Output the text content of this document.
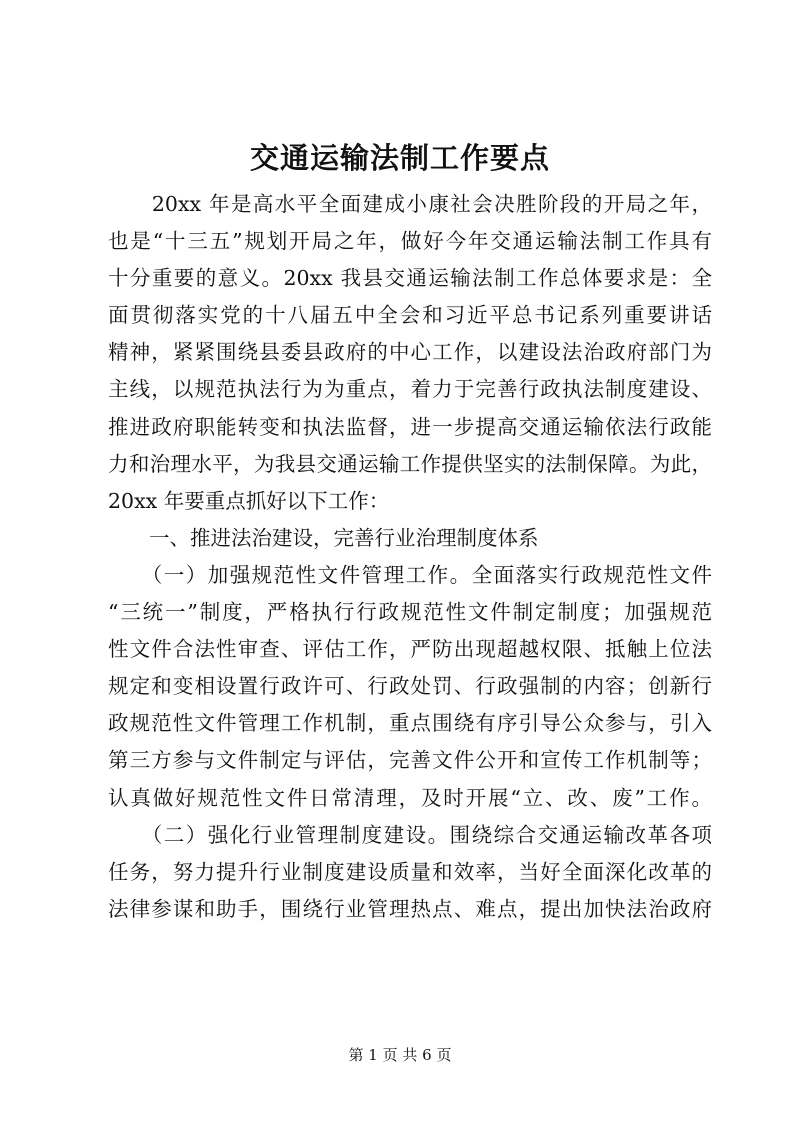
交通运输法制工作要点
　　20xx 年是高水平全面建成小康社会决胜阶段的开局之年，
也是“十三五”规划开局之年，做好今年交通运输法制工作具有
十分重要的意义。20xx 我县交通运输法制工作总体要求是：全
面贯彻落实党的十八届五中全会和习近平总书记系列重要讲话
精神，紧紧围绕县委县政府的中心工作，以建设法治政府部门为
主线，以规范执法行为为重点，着力于完善行政执法制度建设、
推进政府职能转变和执法监督，进一步提高交通运输依法行政能
力和治理水平，为我县交通运输工作提供坚实的法制保障。为此，
20xx 年要重点抓好以下工作：
　　一、推进法治建设，完善行业治理制度体系
　　（一）加强规范性文件管理工作。全面落实行政规范性文件
“三统一”制度，严格执行行政规范性文件制定制度；加强规范
性文件合法性审查、评估工作，严防出现超越权限、抵触上位法
规定和变相设置行政许可、行政处罚、行政强制的内容；创新行
政规范性文件管理工作机制，重点围绕有序引导公众参与，引入
第三方参与文件制定与评估，完善文件公开和宣传工作机制等；
认真做好规范性文件日常清理，及时开展“立、改、废”工作。
　　（二）强化行业管理制度建设。围绕综合交通运输改革各项
任务，努力提升行业制度建设质量和效率，当好全面深化改革的
法律参谋和助手，围绕行业管理热点、难点，提出加快法治政府
第 1 页 共 6 页
